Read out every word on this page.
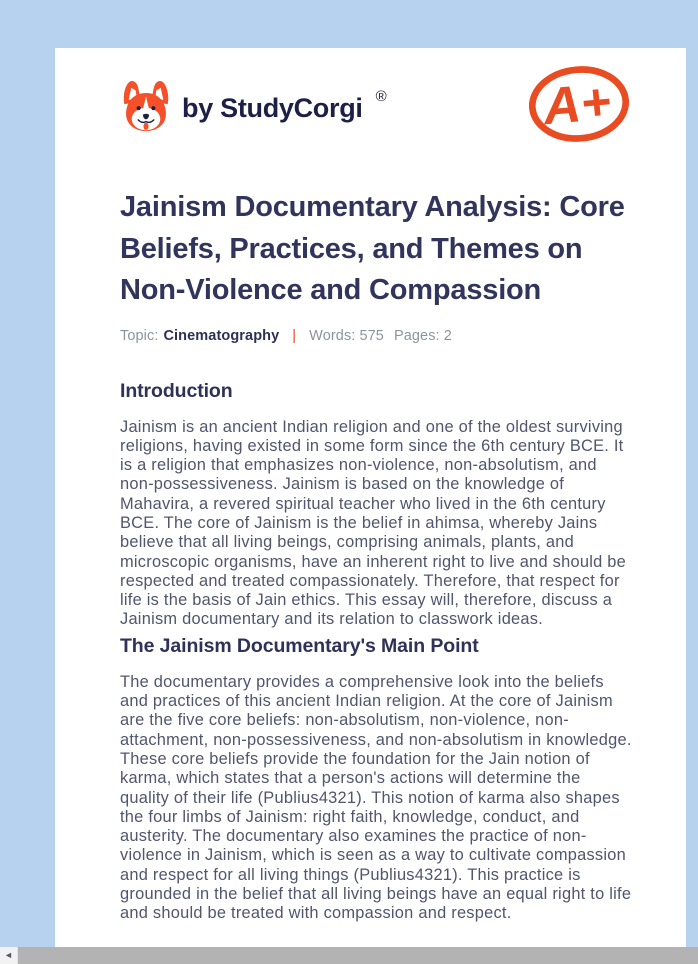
by StudyCorgi ®	A+
Jainism Documentary Analysis: Core Beliefs, Practices, and Themes on Non-Violence and Compassion
Topic: Cinematography | Words: 575 Pages: 2
Introduction

Jainism is an ancient Indian religion and one of the oldest surviving religions, having existed in some form since the 6th century BCE. It is a religion that emphasizes non-violence, non-absolutism, and non-possessiveness. Jainism is based on the knowledge of Mahavira, a revered spiritual teacher who lived in the 6th century BCE. The core of Jainism is the belief in ahimsa, whereby Jains believe that all living beings, comprising animals, plants, and microscopic organisms, have an inherent right to live and should be respected and treated compassionately. Therefore, that respect for life is the basis of Jain ethics. This essay will, therefore, discuss a Jainism documentary and its relation to classwork ideas.

The Jainism Documentary's Main Point

The documentary provides a comprehensive look into the beliefs and practices of this ancient Indian religion. At the core of Jainism are the five core beliefs: non-absolutism, non-violence, non-attachment, non-possessiveness, and non-absolutism in knowledge. These core beliefs provide the foundation for the Jain notion of karma, which states that a person's actions will determine the quality of their life (Publius4321). This notion of karma also shapes the four limbs of Jainism: right faith, knowledge, conduct, and austerity. The documentary also examines the practice of non-violence in Jainism, which is seen as a way to cultivate compassion and respect for all living things (Publius4321). This practice is grounded in the belief that all living beings have an equal right to life and should be treated with compassion and respect.

◄
